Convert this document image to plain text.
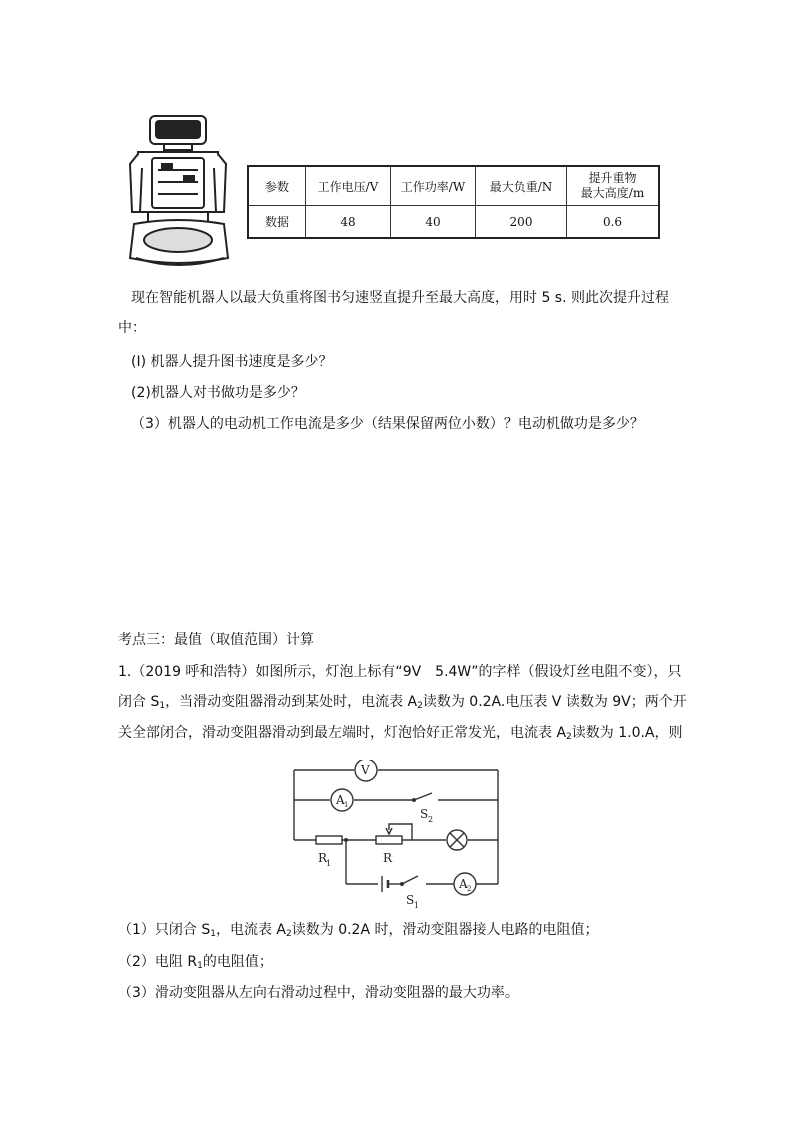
参数	工作电压/V	工作功率/W	最大负重/N	提升重物
最大高度/m

数据	48	40	200	0.6
现在智能机器人以最大负重将图书匀速竖直提升至最大高度，用时 5 s. 则此次提升过程
中：
(Ⅰ) 机器人提升图书速度是多少？
(2)机器人对书做功是多少？
（3）机器人的电动机工作电流是多少（结果保留两位小数）？电动机做功是多少？
考点三：最值（取值范围）计算
1.（2019 呼和浩特）如图所示，灯泡上标有“9V　5.4W”的字样（假设灯丝电阻不变），只
闭合 $S_1$，当滑动变阻器滑动到某处时，电流表 $A_2$读数为 0.2A.电压表 V 读数为 9V；两个开
关全部闭合，滑动变阻器滑动到最左端时，灯泡恰好正常发光，电流表 $A_2$读数为 1.0.A，则
V
A 1
A 2
S 2
S 1
R
1	R
（1）只闭合 $S_1$，电流表 $A_2$读数为 0.2A 时，滑动变阻器接人电路的电阻值；
（2）电阻 $R_1$的电阻值；
（3）滑动变阻器从左向右滑动过程中，滑动变阻器的最大功率。
